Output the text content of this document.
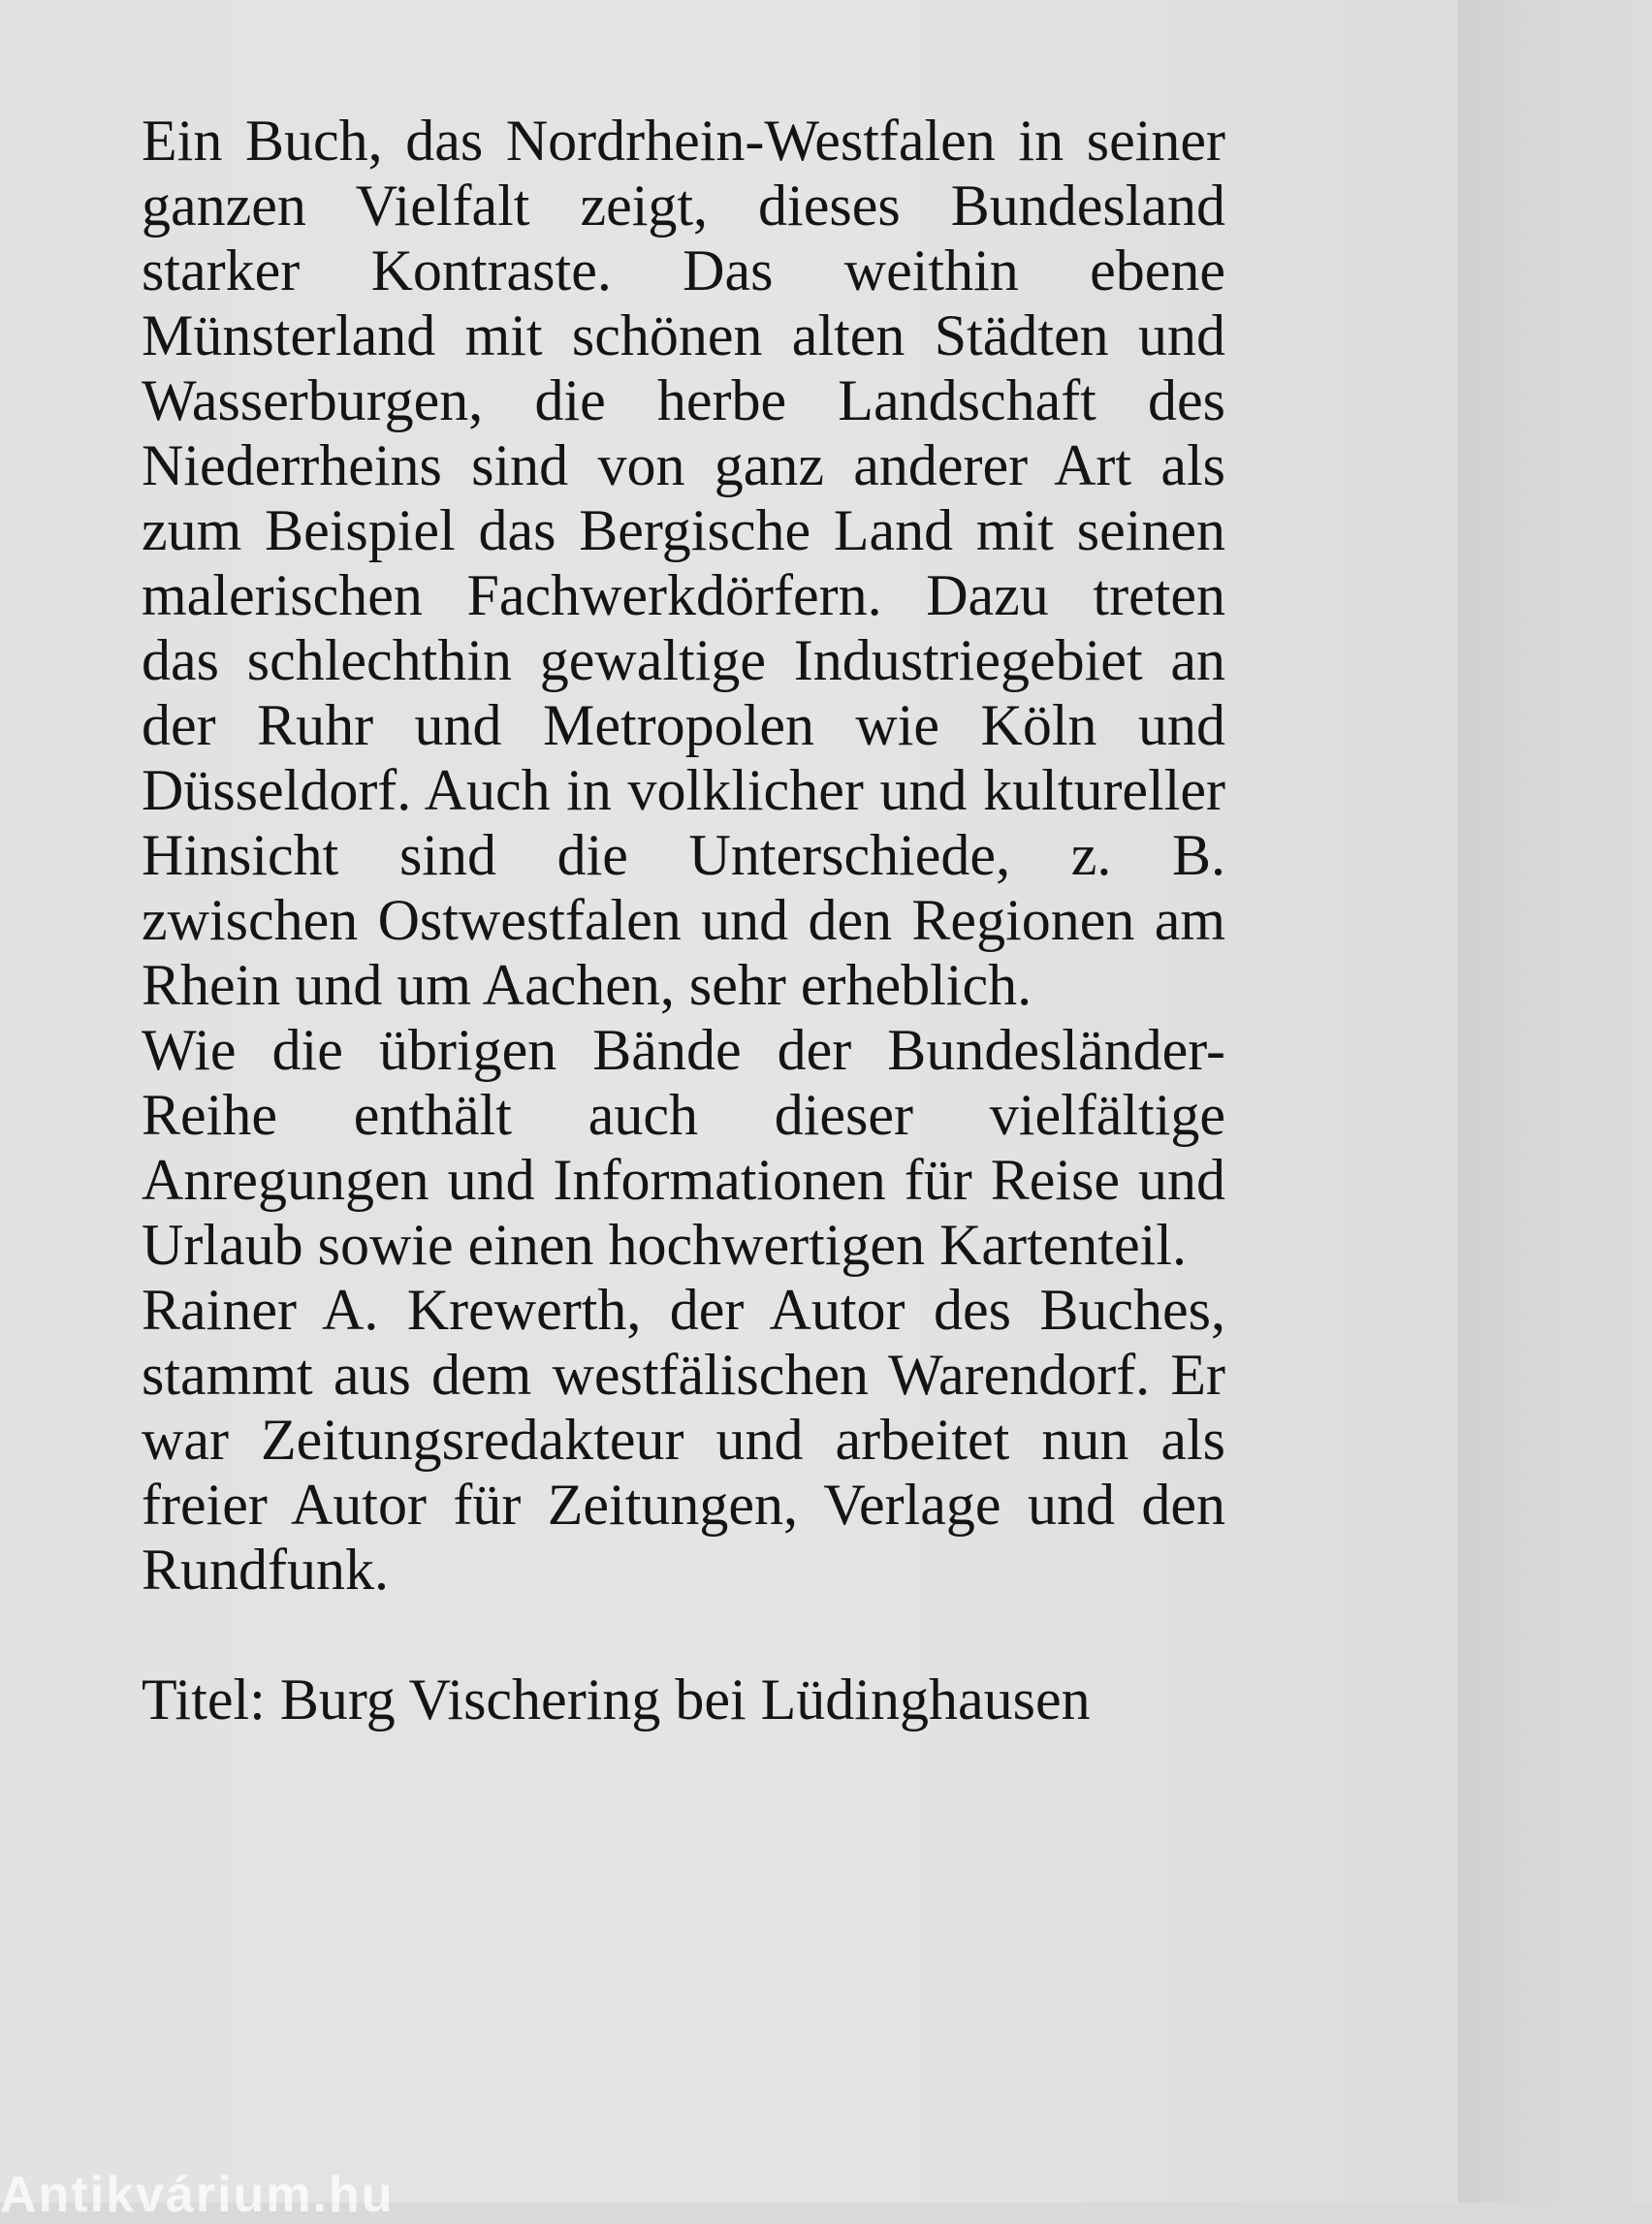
Ein Buch, das Nordrhein-Westfalen in seiner ganzen Vielfalt zeigt, dieses Bundesland starker Kontraste. Das weithin ebene Münsterland mit schönen alten Städten und Wasserburgen, die herbe Landschaft des Niederrheins sind von ganz anderer Art als zum Beispiel das Bergische Land mit seinen malerischen Fachwerkdörfern. Dazu treten das schlechthin gewaltige Industriegebiet an der Ruhr und Metropolen wie Köln und Düsseldorf. Auch in volklicher und kultureller Hinsicht sind die Unterschiede, z. B. zwischen Ostwestfalen und den Regionen am Rhein und um Aachen, sehr erheblich.

Wie die übrigen Bände der Bundesländer-Reihe enthält auch dieser vielfältige Anregungen und Informationen für Reise und Urlaub sowie einen hochwertigen Kartenteil.

Rainer A. Krewerth, der Autor des Buches, stammt aus dem westfälischen Warendorf. Er war Zeitungsredakteur und arbeitet nun als freier Autor für Zeitungen, Verlage und den Rundfunk.

Titel: Burg Vischering bei Lüdinghausen

Antikvárium.hu
